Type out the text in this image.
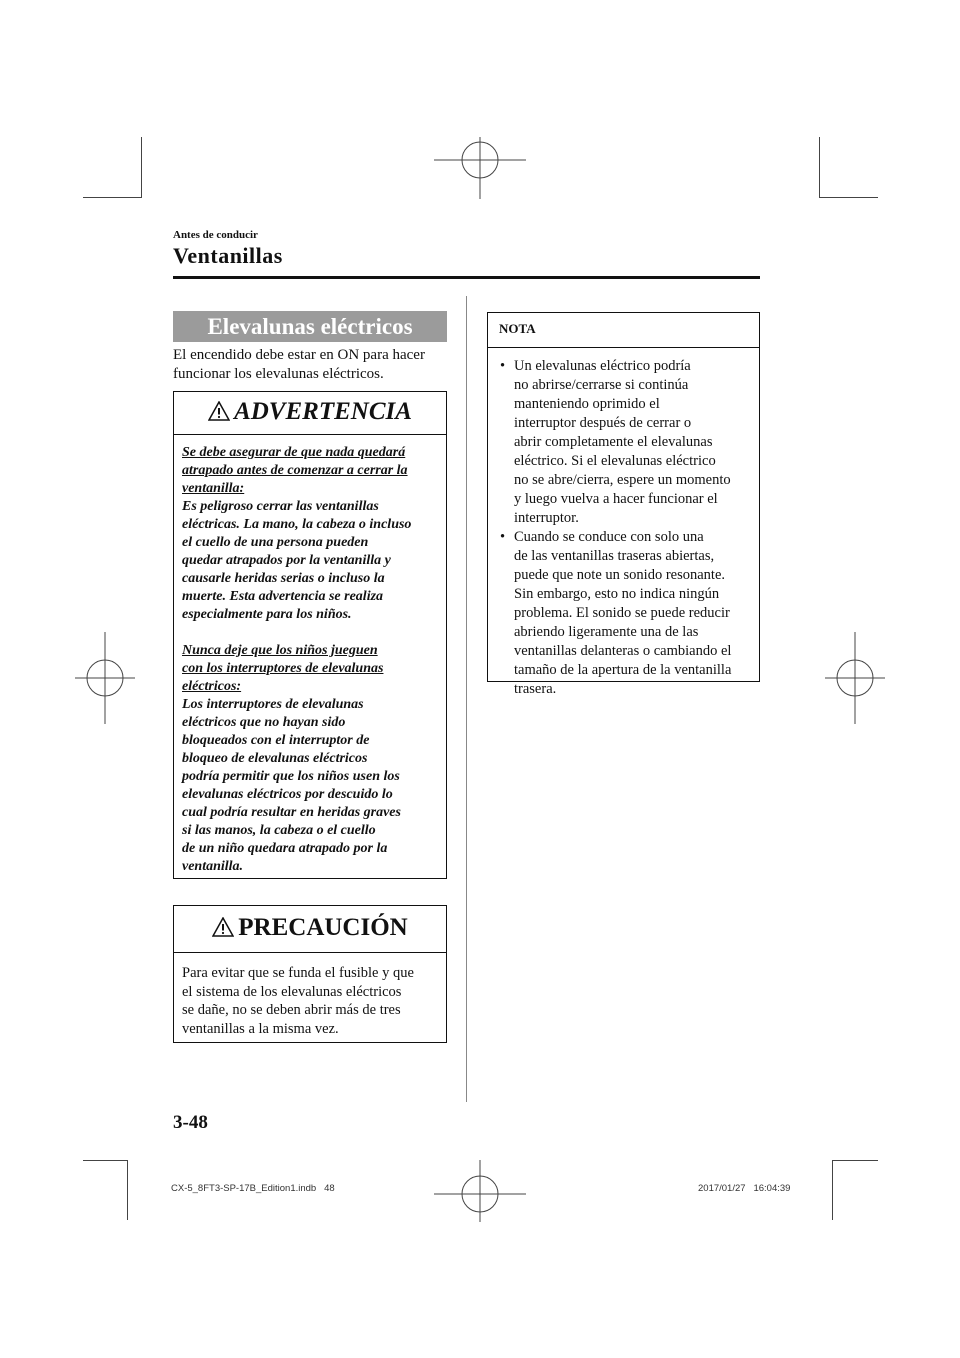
Antes de conducir
Ventanillas
Elevalunas eléctricos
El encendido debe estar en ON para hacer funcionar los elevalunas eléctricos.
ADVERTENCIA

Se debe asegurar de que nada quedará

atrapado antes de comenzar a cerrar la

ventanilla:

Es peligroso cerrar las ventanillas

eléctricas. La mano, la cabeza o incluso

el cuello de una persona pueden

quedar atrapados por la ventanilla y

causarle heridas serias o incluso la

muerte. Esta advertencia se realiza

especialmente para los niños.

Nunca deje que los niños jueguen

con los interruptores de elevalunas

eléctricos:

Los interruptores de elevalunas

eléctricos que no hayan sido

bloqueados con el interruptor de

bloqueo de elevalunas eléctricos

podría permitir que los niños usen los

elevalunas eléctricos por descuido lo

cual podría resultar en heridas graves

si las manos, la cabeza o el cuello

de un niño quedara atrapado por la

ventanilla.

PRECAUCIÓN
Para evitar que se funda el fusible y que
el sistema de los elevalunas eléctricos
se dañe, no se deben abrir más de tres
ventanillas a la misma vez.
NOTA
• Un elevalunas eléctrico podría
no abrirse/cerrarse si continúa
manteniendo oprimido el
interruptor después de cerrar o
abrir completamente el elevalunas
eléctrico. Si el elevalunas eléctrico
no se abre/cierra, espere un momento
y luego vuelva a hacer funcionar el
interruptor.
• Cuando se conduce con solo una
de las ventanillas traseras abiertas,
puede que note un sonido resonante.
Sin embargo, esto no indica ningún
problema. El sonido se puede reducir
abriendo ligeramente una de las
ventanillas delanteras o cambiando el
tamaño de la apertura de la ventanilla
trasera.
3-48
CX-5_8FT3-SP-17B_Edition1.indb   48	2017/01/27   16:04:39
